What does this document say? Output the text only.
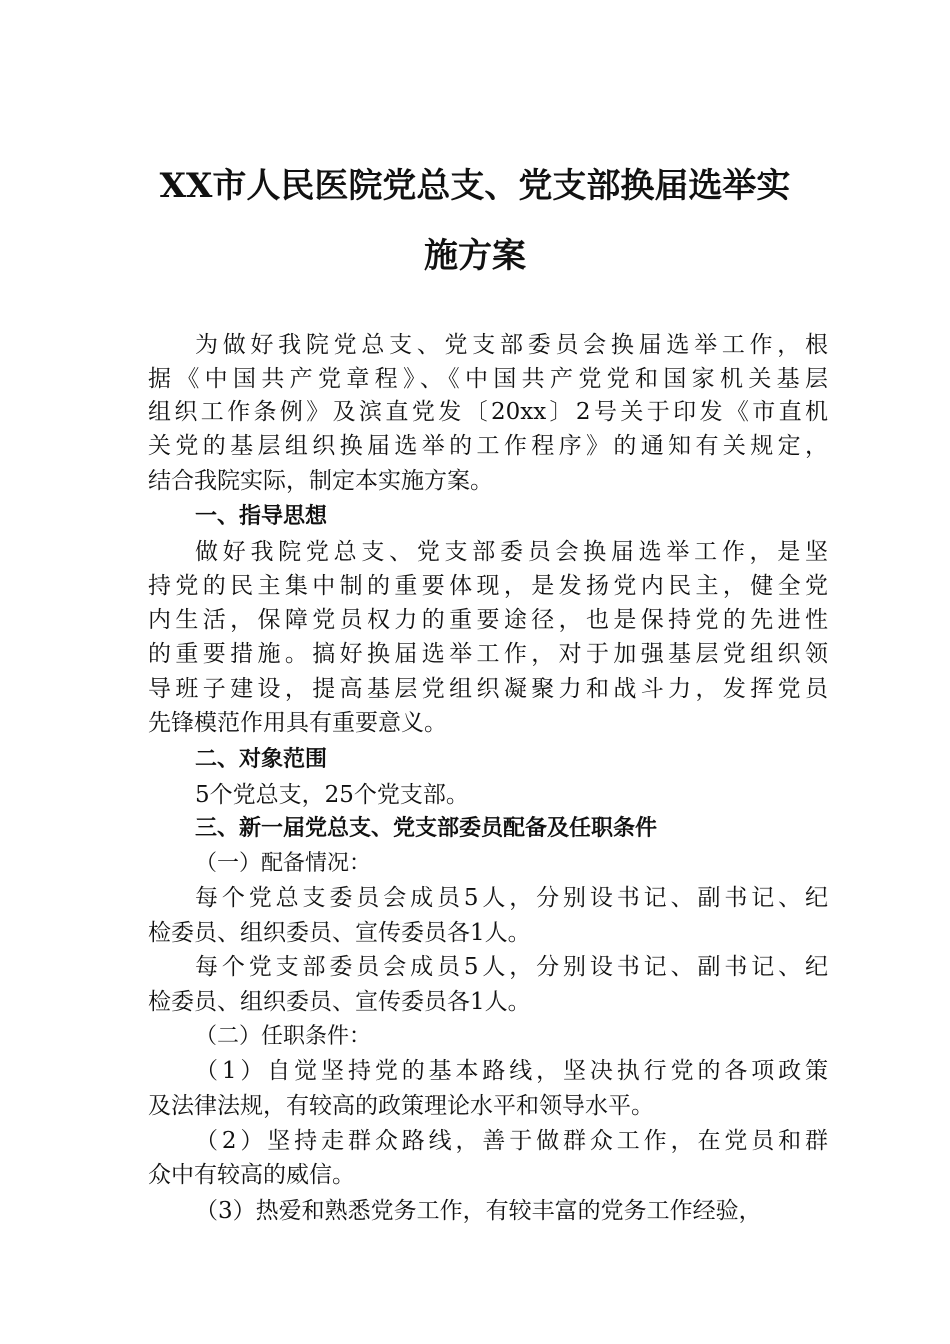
XX市人民医院党总支、党支部换届选举实
施方案
为做好我院党总支、党支部委员会换届选举工作，根
据《中国共产党章程》、《中国共产党党和国家机关基层
组织工作条例》及滨直党发〔20xx〕2号关于印发《市直机
关党的基层组织换届选举的工作程序》的通知有关规定，
结合我院实际，制定本实施方案。
一、指导思想
做好我院党总支、党支部委员会换届选举工作，是坚
持党的民主集中制的重要体现，是发扬党内民主，健全党
内生活，保障党员权力的重要途径，也是保持党的先进性
的重要措施。搞好换届选举工作，对于加强基层党组织领
导班子建设，提高基层党组织凝聚力和战斗力，发挥党员
先锋模范作用具有重要意义。
二、对象范围
5个党总支，25个党支部。
三、新一届党总支、党支部委员配备及任职条件
（一）配备情况：
每个党总支委员会成员5人，分别设书记、副书记、纪
检委员、组织委员、宣传委员各1人。
每个党支部委员会成员5人，分别设书记、副书记、纪
检委员、组织委员、宣传委员各1人。
（二）任职条件：
（1）自觉坚持党的基本路线，坚决执行党的各项政策
及法律法规，有较高的政策理论水平和领导水平。
（2）坚持走群众路线，善于做群众工作，在党员和群
众中有较高的威信。
（3）热爱和熟悉党务工作，有较丰富的党务工作经验，
